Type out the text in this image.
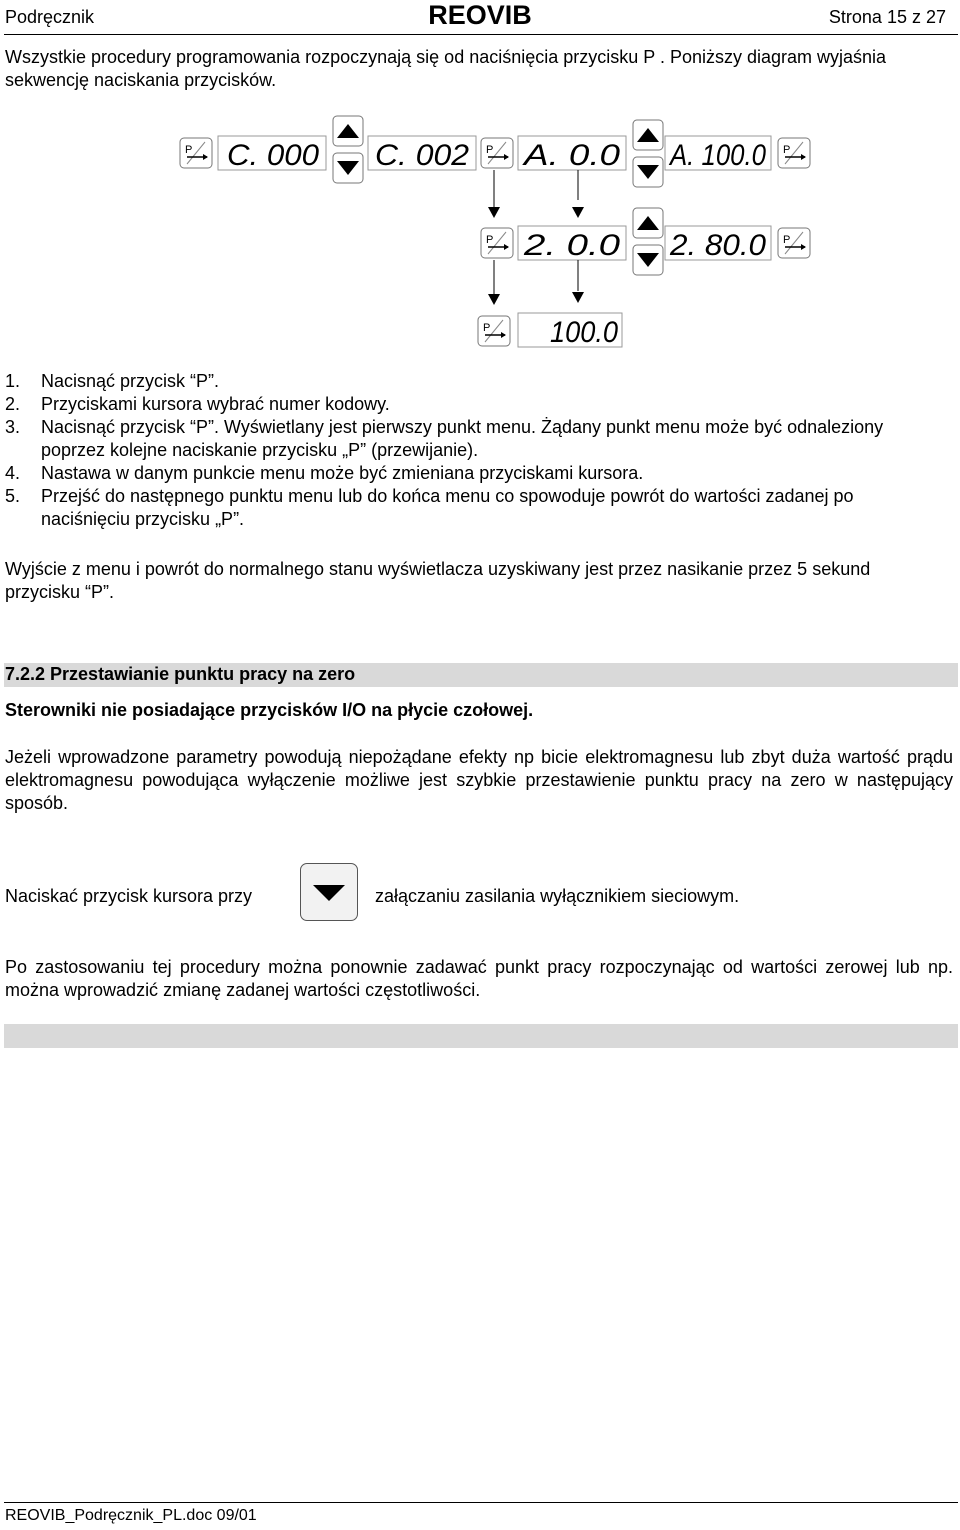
Podręcznik	REOVIB	Strona 15 z 27
Wszystkie procedury programowania rozpoczynają się od naciśnięcia przycisku P . Poniższy diagram wyjaśnia sekwencję naciskania przycisków.
P C. 000 C. 002 P A. 0.0 A. 100.0 P
P 2. 0.0 2. 80.0 P
P 100.0
1. Nacisnąć przycisk “P”.
2. Przyciskami kursora wybrać numer kodowy.
3. Nacisnąć przycisk “P”. Wyświetlany jest pierwszy punkt menu. Żądany punkt menu może być odnaleziony poprzez kolejne naciskanie przycisku „P” (przewijanie).
4. Nastawa w danym punkcie menu może być zmieniana przyciskami kursora.
5. Przejść do następnego punktu menu lub do końca menu co spowoduje powrót do wartości zadanej po naciśnięciu przycisku „P”.
Wyjście z menu i powrót do normalnego stanu wyświetlacza uzyskiwany jest przez nasikanie przez 5 sekund przycisku “P”.
7.2.2 Przestawianie punktu pracy na zero
Sterowniki nie posiadające przycisków I/O na płycie czołowej.
Jeżeli wprowadzone parametry powodują niepożądane efekty np bicie elektromagnesu lub zbyt duża wartość prądu elektromagnesu powodująca wyłączenie możliwe jest szybkie przestawienie punktu pracy na zero w następujący sposób.
Naciskać przycisk kursora przy	załączaniu zasilania wyłącznikiem sieciowym.
Po zastosowaniu tej procedury można ponownie zadawać punkt pracy rozpoczynając od wartości zerowej lub np. można wprowadzić zmianę zadanej wartości częstotliwości.
REOVIB_Podręcznik_PL.doc 09/01
